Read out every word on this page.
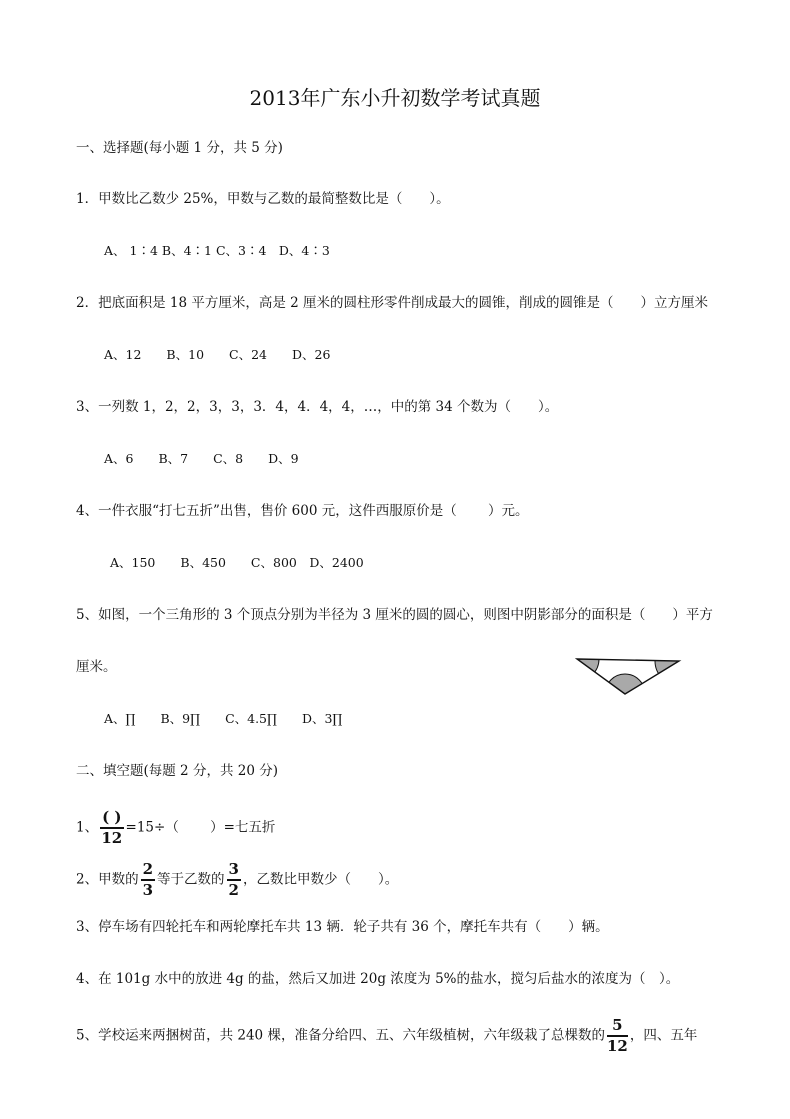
2013年广东小升初数学考试真题
一、选择题(每小题 1 分，共 5 分)
1．甲数比乙数少 25%，甲数与乙数的最简整数比是（　　）。
A、 1∶4 B、4∶1 C、3∶4　D、4∶3
2．把底面积是 18 平方厘米，高是 2 厘米的圆柱形零件削成最大的圆锥，削成的圆锥是（　　）立方厘米
A、12　　B、10　　C、24　　D、26
3、一列数 1，2，2，3，3，3．4，4．4，4，…，中的第 34 个数为（　　）。
A、6　　B、7　　C、8　　D、9
4、一件衣服“打七五折”出售，售价 600 元，这件西服原价是（　　 ）元。
A、150　　B、450　　C、800　D、2400
5、如图，一个三角形的 3 个顶点分别为半径为 3 厘米的圆的圆心，则图中阴影部分的面积是（　　）平方
厘米。
A、∏　　B、9∏　　C、4.5∏　　D、3∏
二、填空题(每题 2 分，共 20 分)
1、 $\frac{( )}{12} =15\div$（　　 ）=七五折
2、甲数的 $\frac{2}{3}$ 等于乙数的 $\frac{3}{2}$ ，乙数比甲数少（　　）。
3、停车场有四轮托车和两轮摩托车共 13 辆．轮子共有 36 个，摩托车共有（　　）辆。
4、在 101g 水中的放进 4g 的盐，然后又加进 20g 浓度为 5%的盐水，搅匀后盐水的浓度为（　）。
5、学校运来两捆树苗，共 240 棵，准备分给四、五、六年级植树，六年级栽了总棵数的 $\frac{5}{12}$ ，四、五年
